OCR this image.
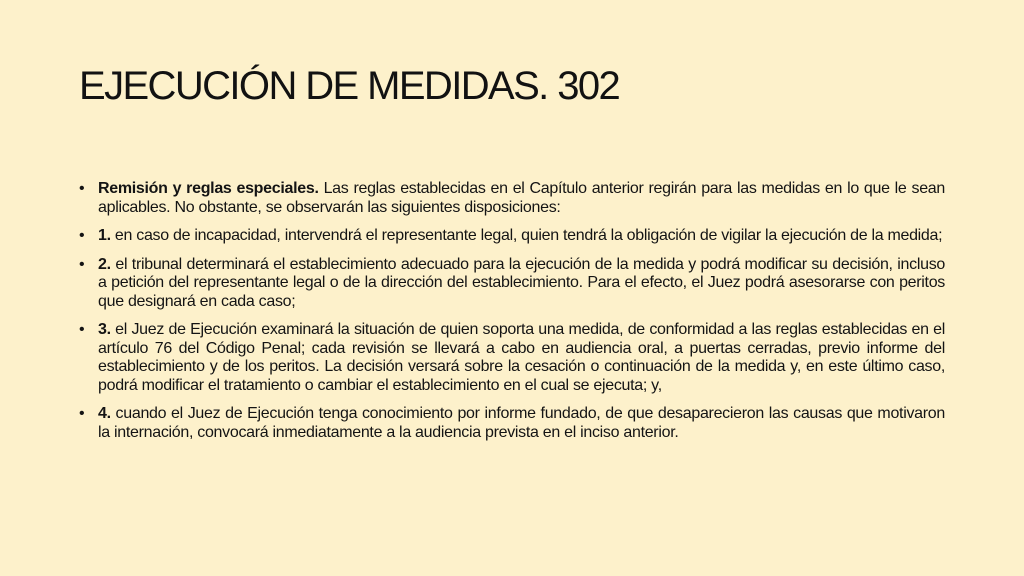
EJECUCIÓN DE MEDIDAS. 302
• Remisión y reglas especiales. Las reglas establecidas en el Capítulo anterior regirán para las medidas en lo que le sean aplicables. No obstante, se observarán las siguientes disposiciones:
• 1. en caso de incapacidad, intervendrá el representante legal, quien tendrá la obligación de vigilar la ejecución de la medida;
• 2. el tribunal determinará el establecimiento adecuado para la ejecución de la medida y podrá modificar su decisión, incluso a petición del representante legal o de la dirección del establecimiento. Para el efecto, el Juez podrá asesorarse con peritos que designará en cada caso;
• 3. el Juez de Ejecución examinará la situación de quien soporta una medida, de conformidad a las reglas establecidas en el artículo 76 del Código Penal; cada revisión se llevará a cabo en audiencia oral, a puertas cerradas, previo informe del establecimiento y de los peritos. La decisión versará sobre la cesación o continuación de la medida y, en este último caso, podrá modificar el tratamiento o cambiar el establecimiento en el cual se ejecuta; y,
• 4. cuando el Juez de Ejecución tenga conocimiento por informe fundado, de que desaparecieron las causas que motivaron la internación, convocará inmediatamente a la audiencia prevista en el inciso anterior.
